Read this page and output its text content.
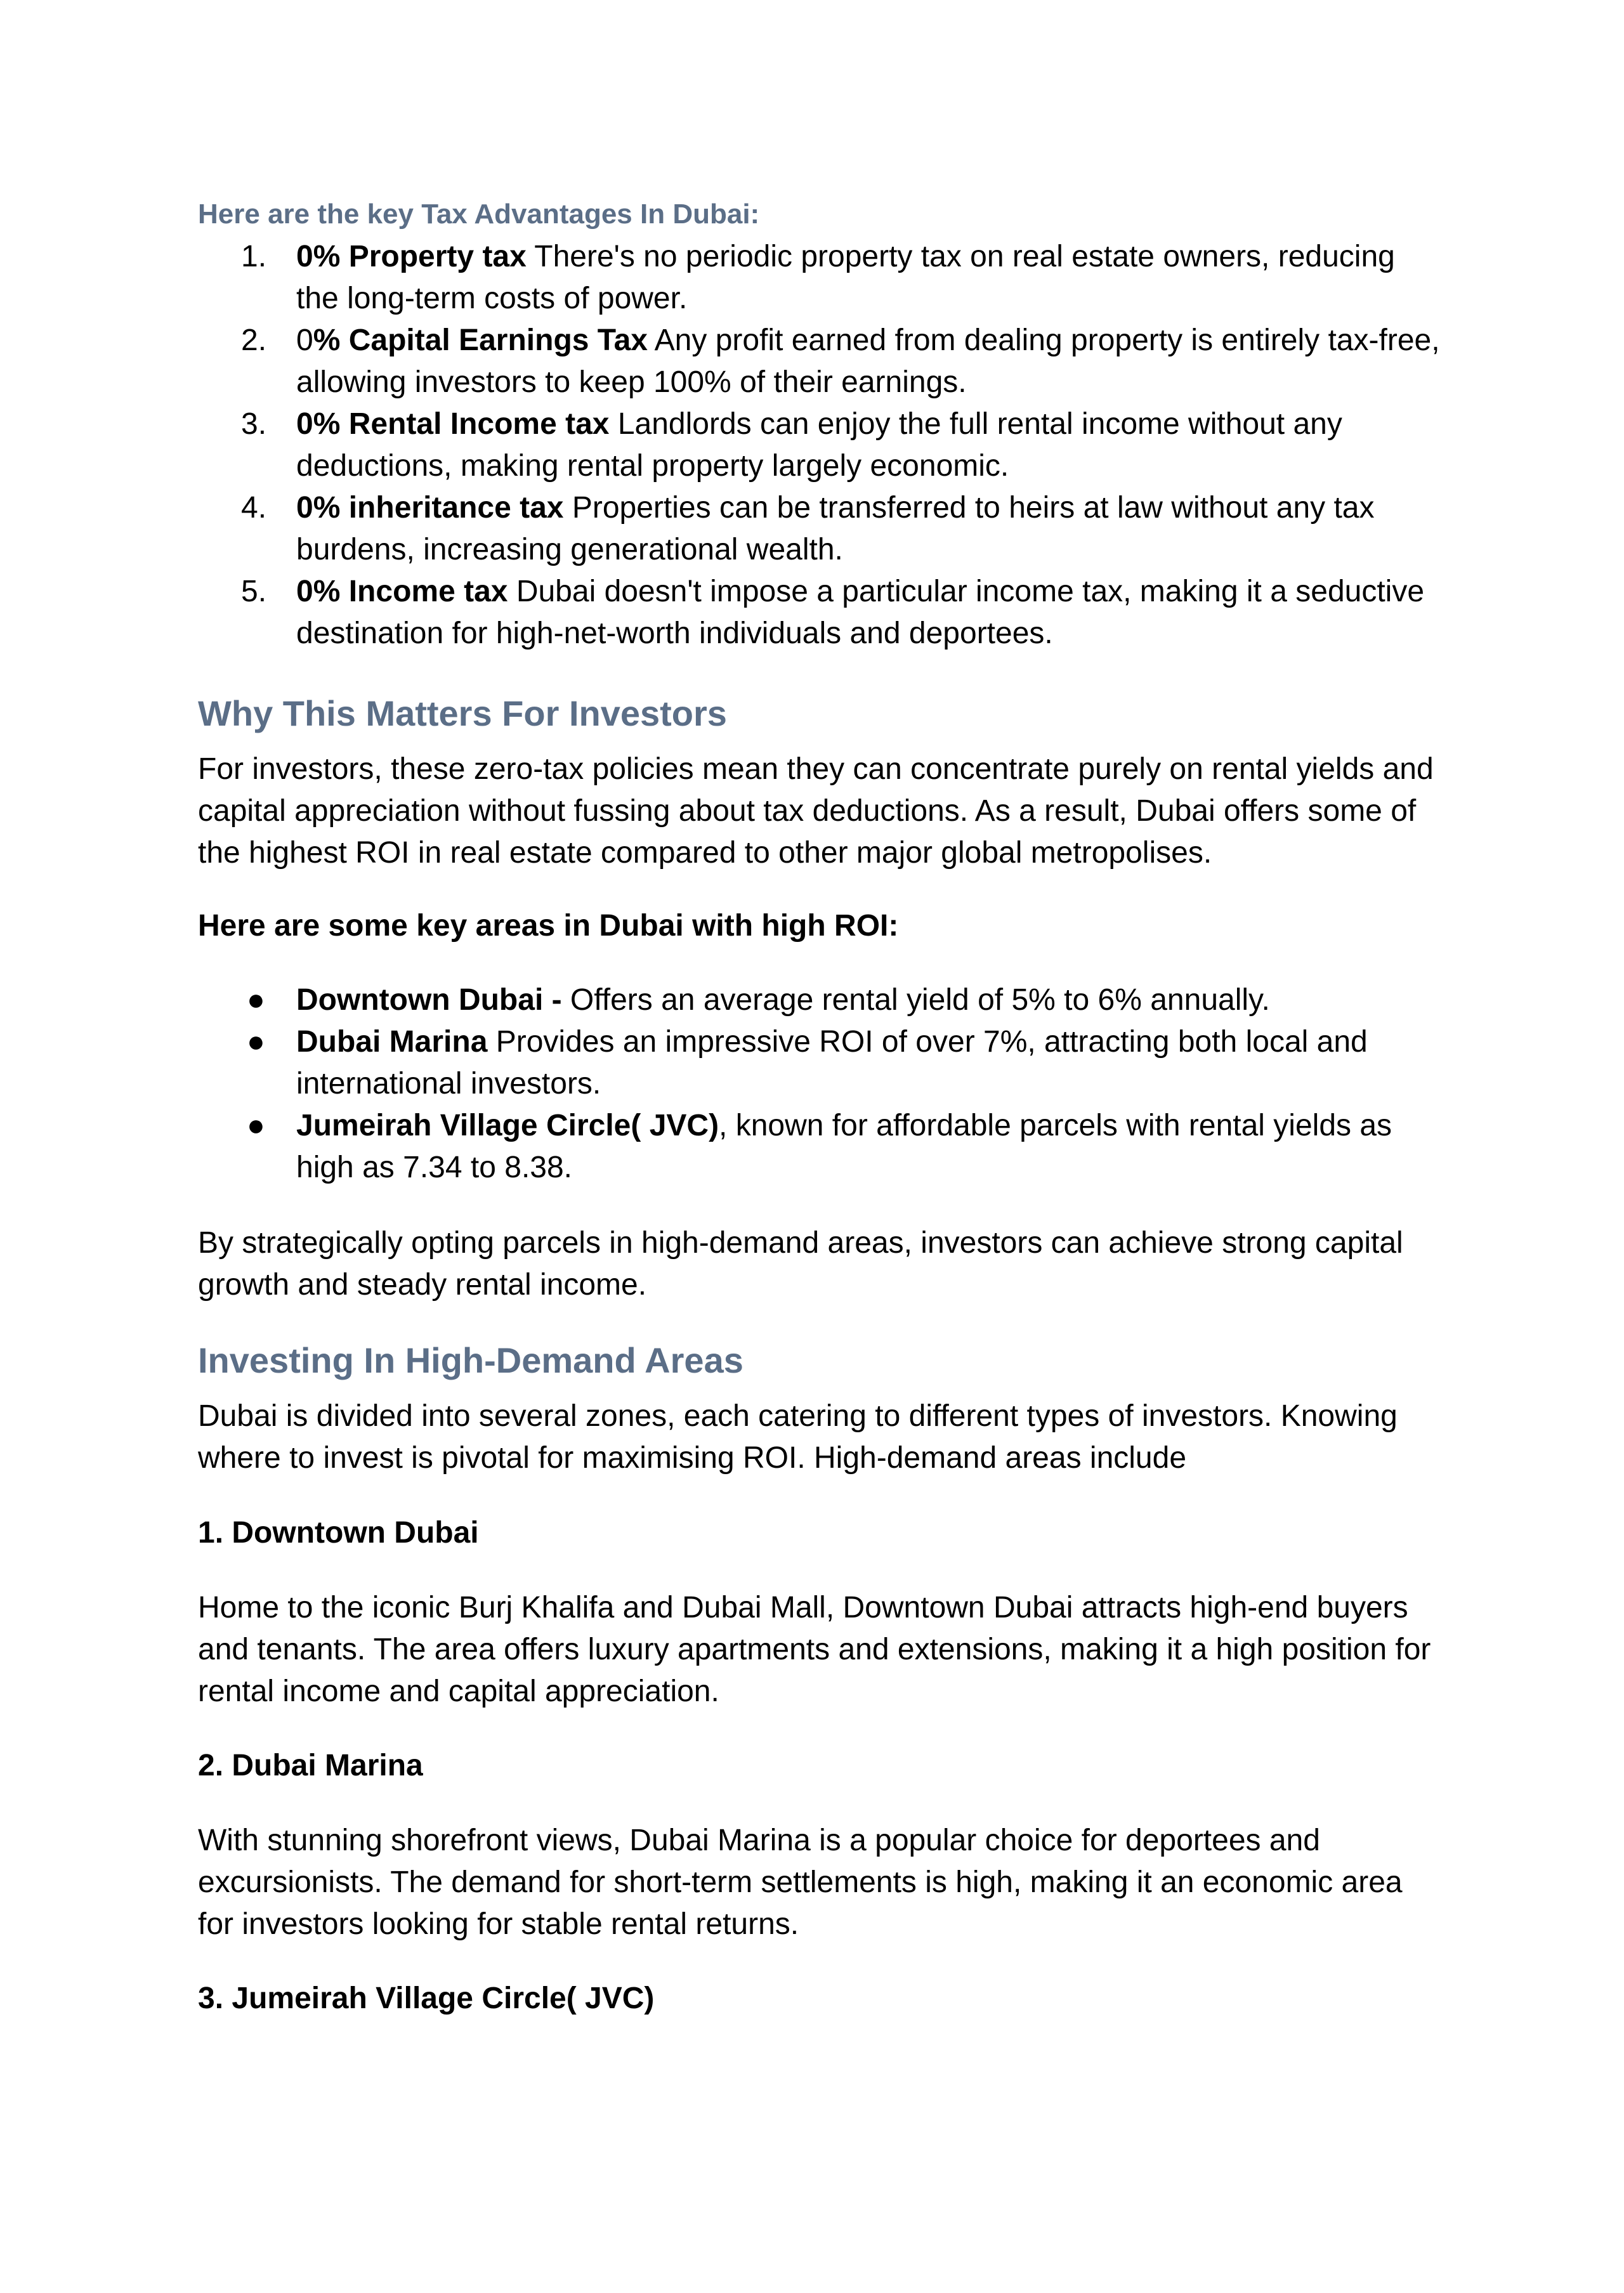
Here are the key Tax Advantages In Dubai:
1. 0% Property tax There's no periodic property tax on real estate owners, reducing the long-term costs of power.
2. 0% Capital Earnings Tax Any profit earned from dealing property is entirely tax-free, allowing investors to keep 100% of their earnings.
3. 0% Rental Income tax Landlords can enjoy the full rental income without any deductions, making rental property largely economic.
4. 0% inheritance tax Properties can be transferred to heirs at law without any tax burdens, increasing generational wealth.
5. 0% Income tax Dubai doesn't impose a particular income tax, making it a seductive destination for high-net-worth individuals and deportees.
Why This Matters For Investors

For investors, these zero-tax policies mean they can concentrate purely on rental yields and capital appreciation without fussing about tax deductions. As a result, Dubai offers some of the highest ROI in real estate compared to other major global metropolises.

Here are some key areas in Dubai with high ROI:

● Downtown Dubai - Offers an average rental yield of 5% to 6% annually.
● Dubai Marina Provides an impressive ROI of over 7%, attracting both local and international investors.
● Jumeirah Village Circle( JVC), known for affordable parcels with rental yields as high as 7.34 to 8.38.

By strategically opting parcels in high-demand areas, investors can achieve strong capital growth and steady rental income.

Investing In High-Demand Areas

Dubai is divided into several zones, each catering to different types of investors. Knowing where to invest is pivotal for maximising ROI. High-demand areas include

1. Downtown Dubai

Home to the iconic Burj Khalifa and Dubai Mall, Downtown Dubai attracts high-end buyers and tenants. The area offers luxury apartments and extensions, making it a high position for rental income and capital appreciation.

2. Dubai Marina

With stunning shorefront views, Dubai Marina is a popular choice for deportees and excursionists. The demand for short-term settlements is high, making it an economic area for investors looking for stable rental returns.

3. Jumeirah Village Circle( JVC)
